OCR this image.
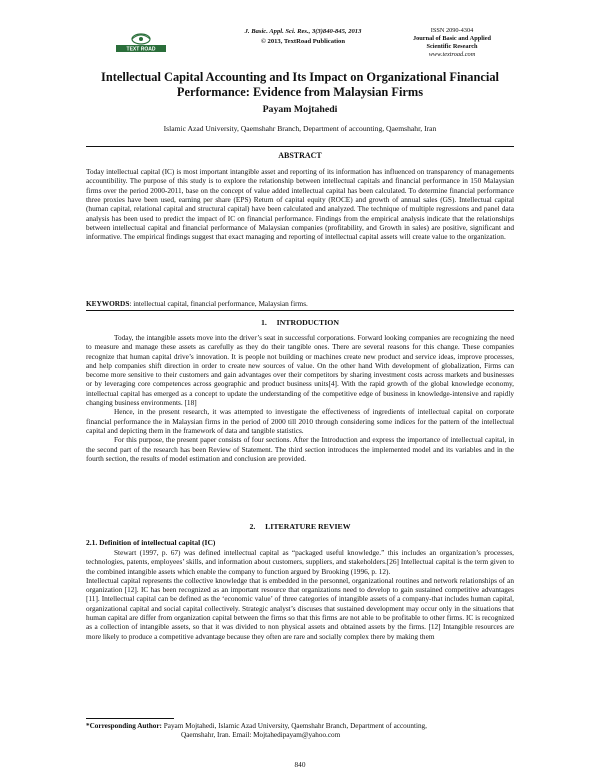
TEXT ROAD
J. Basic. Appl. Sci. Res., 3(3)840-845, 2013
© 2013, TextRoad Publication
ISSN 2090-4304
Journal of Basic and Applied
Scientific Research
www.textroad.com
Intellectual Capital Accounting and Its Impact on Organizational Financial
Performance: Evidence from Malaysian Firms
Payam Mojtahedi
Islamic Azad University, Qaemshahr Branch, Department of accounting, Qaemshahr, Iran
ABSTRACT
Today intellectual capital (IC) is most important intangible asset and reporting of its information has influenced on transparency of managements accountibility. The purpose of this study is to explore the relationship between intellectual capitals and financial performance in 150 Malaysian firms over the period 2000-2011, base on the concept of value added intellectual capital has been calculated. To determine financial performance three proxies have been used, earning per share (EPS) Return of capital equity (ROCE) and growth of annual sales (GS). Intellectual capital (human capital, relational capital and structural capital) have been calculated and analyzed. The technique of multiple regressions and panel data analysis has been used to predict the impact of IC on financial performance. Findings from the empirical analysis indicate that the relationships between intellectual capital and financial performance of Malaysian companies (profitability, and Growth in sales) are positive, significant and informative. The empirical findings suggest that exact managing and reporting of intellectual capital assets will create value to the organization.
KEYWORDS: intellectual capital, financial performance, Malaysian firms.
1.     INTRODUCTION

Today, the intangible assets move into the driver’s seat in successful corporations. Forward looking companies are recognizing the need to measure and manage these assets as carefully as they do their tangible ones. There are several reasons for this change. These companies recognize that human capital drive’s innovation. It is people not building or machines create new product and service ideas, improve processes, and help companies shift direction in order to create new sources of value. On the other hand With development of globalization, Firms can become more sensitive to their customers and gain advantages over their competitors by sharing investment costs across markets and businesses or by leveraging core competences across geographic and product business units[4]. With the rapid growth of the global knowledge economy, intellectual capital has emerged as a concept to update the understanding of the competitive edge of business in knowledge-intensive and rapidly changing business environments. [18]

Hence, in the present research, it was attempted to investigate the effectiveness of ingredients of intellectual capital on corporate financial performance the in Malaysian firms in the period of 2000 till 2010 through considering some indices for the pattern of the intellectual capital and depicting them in the framework of data and tangible statistics.

For this purpose, the present paper consists of four sections. After the Introduction and express the importance of intellectual capital, in the second part of the research has been Review of Statement. The third section introduces the implemented model and its variables and in the fourth section, the results of model estimation and conclusion are provided.

2.     LITERATURE REVIEW
2.1. Definition of intellectual capital (IC)

Stewart (1997, p. 67) was defined intellectual capital as “packaged useful knowledge.” this includes an organization’s processes, technologies, patents, employees’ skills, and information about customers, suppliers, and stakeholders.[26] Intellectual capital is the term given to the combined intangible assets which enable the company to function argued by Brooking (1996, p. 12).

Intellectual capital represents the collective knowledge that is embedded in the personnel, organizational routines and network relationships of an organization [12]. IC has been recognized as an important resource that organizations need to develop to gain sustained competitive advantages [11]. Intellectual capital can be defined as the ‘economic value’ of three categories of intangible assets of a company-that includes human capital, organizational capital and social capital collectively. Strategic analyst’s discuses that sustained development may occur only in the situations that human capital are differ from organization capital between the firms so that this firms are not able to be profitable to other firms. IC is recognized as a collection of intangible assets, so that it was divided to non physical assets and obtained assets by the firms. [12] Intangible resources are more likely to produce a competitive advantage because they often are rare and socially complex there by making them

*Corresponding Author: Payam Mojtahedi, Islamic Azad University, Qaemshahr Branch, Department of accounting,
Qaemshahr, Iran. Email: Mojtahedipayam@yahoo.com
840
